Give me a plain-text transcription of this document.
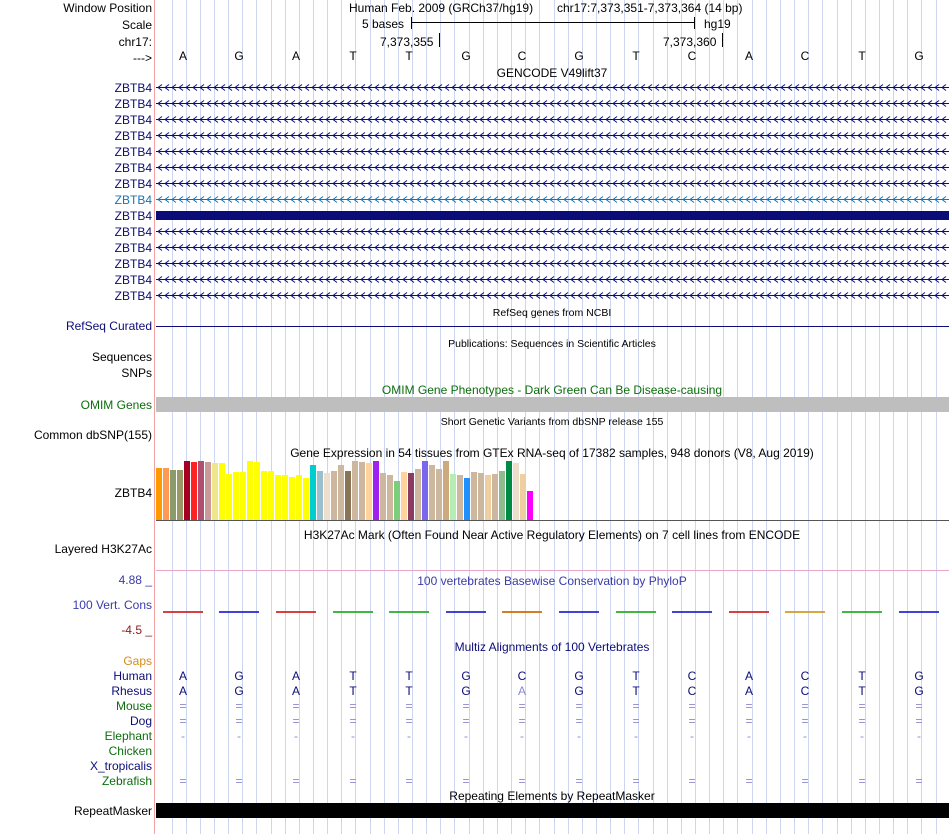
Window Position	Human Feb. 2009 (GRCh37/hg19) chr17:7,373,351-7,373,364 (14 bp)
Scale	5 bases	hg19
chr17:	7,373,355	7,373,360
--->	A	G	A	T	T	G	C	G	T	C	A	C	T	G
GENCODE V49lift37
ZBTB4
ZBTB4
ZBTB4
ZBTB4
ZBTB4
ZBTB4
ZBTB4
ZBTB4
ZBTB4
ZBTB4
ZBTB4
ZBTB4
ZBTB4
ZBTB4
RefSeq genes from NCBI
RefSeq Curated
Publications: Sequences in Scientific Articles
Sequences
SNPs
OMIM Gene Phenotypes - Dark Green Can Be Disease-causing
OMIM Genes
Short Genetic Variants from dbSNP release 155
Common dbSNP(155)
Gene Expression in 54 tissues from GTEx RNA-seq of 17382 samples, 948 donors (V8, Aug 2019)
ZBTB4
H3K27Ac Mark (Often Found Near Active Regulatory Elements) on 7 cell lines from ENCODE
Layered H3K27Ac
4.88 _	100 vertebrates Basewise Conservation by PhyloP
100 Vert. Cons
-4.5 _
Multiz Alignments of 100 Vertebrates
Gaps
Human	A	G	A	T	T	G	C	G	T	C	A	C	T	G
Rhesus	A	G	A	T	T	G	A	G	T	C	A	C	T	G
Mouse	=	=	=	=	=	=	=	=	=	=	=	=	=	=
Dog	=	=	=	=	=	=	=	=	=	=	=	=	=	=
Elephant	-	-	-	-	-	-	-	-	-	-	-	-	-	-
Chicken
X_tropicalis
Zebrafish	=	=	=	=	=	=	=	=	=	=	=	=	=	=
Repeating Elements by RepeatMasker
RepeatMasker
